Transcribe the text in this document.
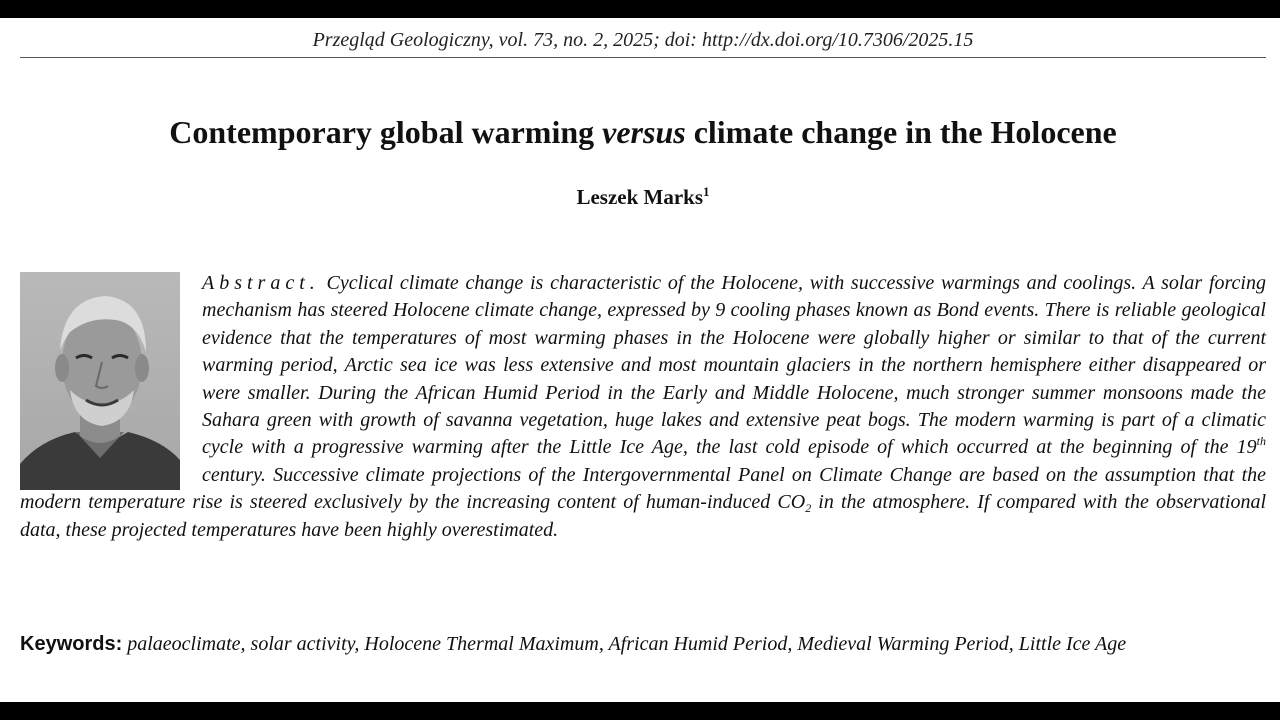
Przegląd Geologiczny, vol. 73, no. 2, 2025; doi: http://dx.doi.org/10.7306/2025.15
Contemporary global warming versus climate change in the Holocene
Leszek Marks$^1$
Abstract. Cyclical climate change is characteristic of the Holocene, with successive warmings and coolings. A solar forcing mechanism has steered Holocene climate change, expressed by 9 cooling phases known as Bond events. There is reliable geological evidence that the temperatures of most warming phases in the Holocene were globally higher or similar to that of the current warming period, Arctic sea ice was less extensive and most mountain glaciers in the northern hemisphere either disappeared or were smaller. During the African Humid Period in the Early and Middle Holocene, much stronger summer monsoons made the Sahara green with growth of savanna vegetation, huge lakes and extensive peat bogs. The modern warming is part of a climatic cycle with a progressive warming after the Little Ice Age, the last cold episode of which occurred at the beginning of the 19th century. Successive climate projections of the Intergovernmental Panel on Climate Change are based on the assumption that the modern temperature rise is steered exclusively by the increasing content of human-induced $CO_2$ in the atmosphere. If compared with the observational data, these projected temperatures have been highly overestimated.
Keywords: palaeoclimate, solar activity, Holocene Thermal Maximum, African Humid Period, Medieval Warming Period, Little Ice Age
